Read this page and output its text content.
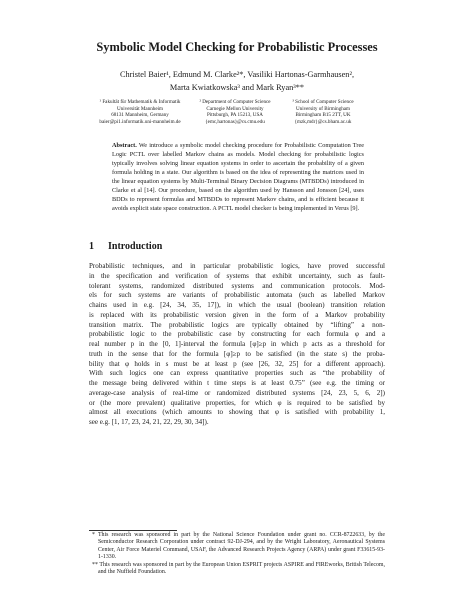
Symbolic Model Checking for Probabilistic Processes
Christel Baier¹, Edmund M. Clarke²*, Vasiliki Hartonas-Garmhausen²,
Marta Kwiatkowska³ and Mark Ryan³**
¹ Fakultät für Mathematik & Informatik
Universität Mannheim
68131 Mannheim, Germany
baier@pi1.informatik.uni-mannheim.de
² Department of Computer Science
Carnegie Mellon University
Pittsburgh, PA 15213, USA
{emc,hartonas}@cs.cmu.edu
³ School of Computer Science
University of Birmingham
Birmingham B15 2TT, UK
{mzk,mdr}@cs.bham.ac.uk
Abstract. We introduce a symbolic model checking procedure for Probabilistic Computation Tree Logic PCTL over labelled Markov chains as models. Model checking for probabilistic logics typically involves solving linear equation systems in order to ascertain the probability of a given formula holding in a state. Our algorithm is based on the idea of representing the matrices used in the linear equation systems by Multi-Terminal Binary Decision Diagrams (MTBDDs) introduced in Clarke et al [14]. Our procedure, based on the algorithm used by Hansson and Jonsson [24], uses BDDs to represent formulas and MTBDDs to represent Markov chains, and is efficient because it avoids explicit state space construction. A PCTL model checker is being implemented in Verus [9].
1 Introduction
Probabilistic techniques, and in particular probabilistic logics, have proved successful
in the specification and verification of systems that exhibit uncertainty, such as fault-
tolerant systems, randomized distributed systems and communication protocols. Mod-
els for such systems are variants of probabilistic automata (such as labelled Markov
chains used in e.g. [24, 34, 35, 17]), in which the usual (boolean) transition relation
is replaced with its probabilistic version given in the form of a Markov probability
transition matrix. The probabilistic logics are typically obtained by “lifting” a non-
probabilistic logic to the probabilistic case by constructing for each formula φ and a
real number p in the [0, 1]-interval the formula [φ]≥p in which p acts as a threshold for
truth in the sense that for the formula [φ]≥p to be satisfied (in the state s) the proba-
bility that φ holds in s must be at least p (see [26, 32, 25] for a different approach).
With such logics one can express quantitative properties such as “the probability of
the message being delivered within t time steps is at least 0.75” (see e.g. the timing or
average-case analysis of real-time or randomized distributed systems [24, 23, 5, 6, 2])
or (the more prevalent) qualitative properties, for which φ is required to be satisfied by
almost all executions (which amounts to showing that φ is satisfied with probability 1,
see e.g. [1, 17, 23, 24, 21, 22, 29, 30, 34]).
* This research was sponsored in part by the National Science Foundation under grant no. CCR-8722633, by the Semiconductor Research Corporation under contract 92-DJ-294, and by the Wright Laboratory, Aeronautical Systems Center, Air Force Materiel Command, USAF, the Advanced Research Projects Agency (ARPA) under grant F33615-93-1-1330.
** This research was sponsored in part by the European Union ESPRIT projects ASPIRE and FIREworks, British Telecom, and the Nuffield Foundation.
